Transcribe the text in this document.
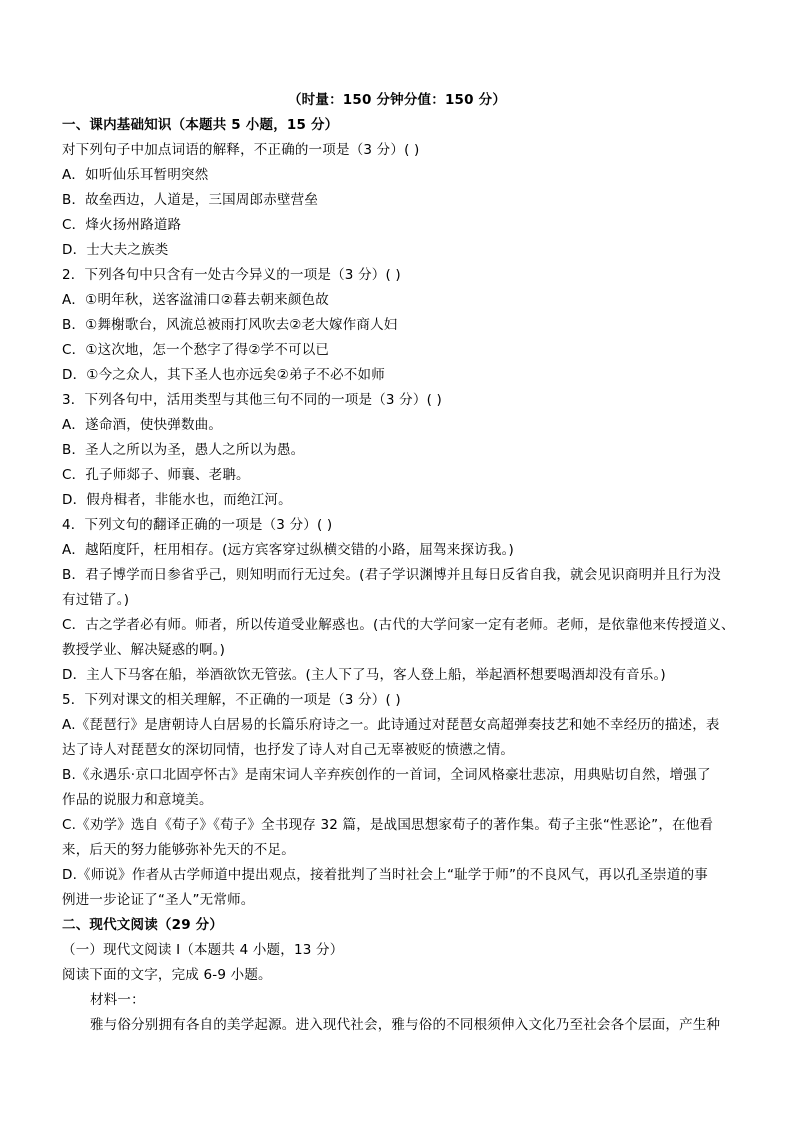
（时量：150 分钟分值：150 分）
一、课内基础知识（本题共 5 小题，15 分）
对下列句子中加点词语的解释，不正确的一项是（3 分）( )
A．如听仙乐耳暂明突然
B．故垒西边，人道是，三国周郎赤壁营垒
C．烽火扬州路道路
D．士大夫之族类
2．下列各句中只含有一处古今异义的一项是（3 分）( )
A．①明年秋，送客湓浦口②暮去朝来颜色故
B．①舞榭歌台，风流总被雨打风吹去②老大嫁作商人妇
C．①这次地，怎一个愁字了得②学不可以已
D．①今之众人，其下圣人也亦远矣②弟子不必不如师
3．下列各句中，活用类型与其他三句不同的一项是（3 分）( )
A．遂命酒，使快弹数曲。
B．圣人之所以为圣，愚人之所以为愚。
C．孔子师郯子、师襄、老聃。
D．假舟楫者，非能水也，而绝江河。
4．下列文句的翻译正确的一项是（3 分）( )
A．越陌度阡，枉用相存。(远方宾客穿过纵横交错的小路，屈驾来探访我。)
B．君子博学而日参省乎己，则知明而行无过矣。(君子学识渊博并且每日反省自我，就会见识商明并且行为没
有过错了。)
C．古之学者必有师。师者，所以传道受业解惑也。(古代的大学问家一定有老师。老师，是依靠他来传授道义、
教授学业、解决疑惑的啊。)
D．主人下马客在船，举酒欲饮无管弦。(主人下了马，客人登上船，举起酒杯想要喝酒却没有音乐。)
5．下列对课文的相关理解，不正确的一项是（3 分）( )
A.《琵琶行》是唐朝诗人白居易的长篇乐府诗之一。此诗通过对琵琶女高超弹奏技艺和她不幸经历的描述，表
达了诗人对琵琶女的深切同情，也抒发了诗人对自己无辜被贬的愤懑之情。
B.《永遇乐·京口北固亭怀古》是南宋词人辛弃疾创作的一首词，全词风格豪壮悲凉，用典贴切自然，增强了
作品的说服力和意境美。
C.《劝学》选自《荀子》《荀子》全书现存 32 篇，是战国思想家荀子的著作集。荀子主张“性恶论”，在他看
来，后天的努力能够弥补先天的不足。
D.《师说》作者从古学师道中提出观点，接着批判了当时社会上“耻学于师”的不良风气，再以孔圣崇道的事
例进一步论证了“圣人”无常师。
二、现代文阅读（29 分）
（一）现代文阅读 I（本题共 4 小题，13 分）
阅读下面的文字，完成 6-9 小题。
材料一：
雅与俗分别拥有各自的美学起源。进入现代社会，雅与俗的不同根须伸入文化乃至社会各个层面，产生种
